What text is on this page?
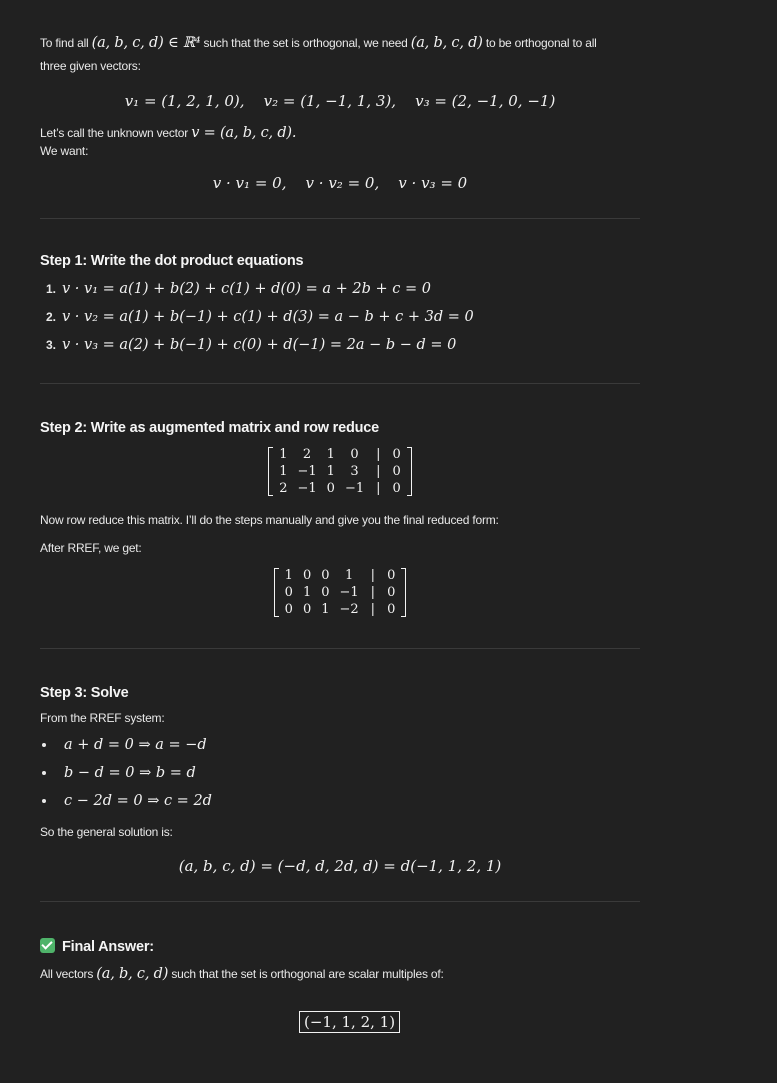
To find all (a, b, c, d) ∈ ℝ⁴ such that the set is orthogonal, we need (a, b, c, d) to be orthogonal to all
three given vectors:
v₁ = (1, 2, 1, 0),    v₂ = (1, −1, 1, 3),    v₃ = (2, −1, 0, −1)
Let’s call the unknown vector v = (a, b, c, d).
We want:
v · v₁ = 0,    v · v₂ = 0,    v · v₃ = 0
Step 1: Write the dot product equations
1. v · v₁ = a(1) + b(2) + c(1) + d(0) = a + 2b + c = 0
2. v · v₂ = a(1) + b(−1) + c(1) + d(3) = a − b + c + 3d = 0
3. v · v₃ = a(2) + b(−1) + c(0) + d(−1) = 2a − b − d = 0
Step 2: Write as augmented matrix and row reduce
1	2	1	0	|	0
1	−1	1	3	|	0
2	−1	0	−1	|	0
Now row reduce this matrix. I’ll do the steps manually and give you the final reduced form:
After RREF, we get:
1	0	0	1	|	0
0	1	0	−1	|	0
0	0	1	−2	|	0
Step 3: Solve
From the RREF system:
a + d = 0 ⇒ a = −d
b − d = 0 ⇒ b = d
c − 2d = 0 ⇒ c = 2d
So the general solution is:
(a, b, c, d) = (−d, d, 2d, d) = d(−1, 1, 2, 1)
Final Answer:
All vectors (a, b, c, d) such that the set is orthogonal are scalar multiples of:

(−1, 1, 2, 1)
